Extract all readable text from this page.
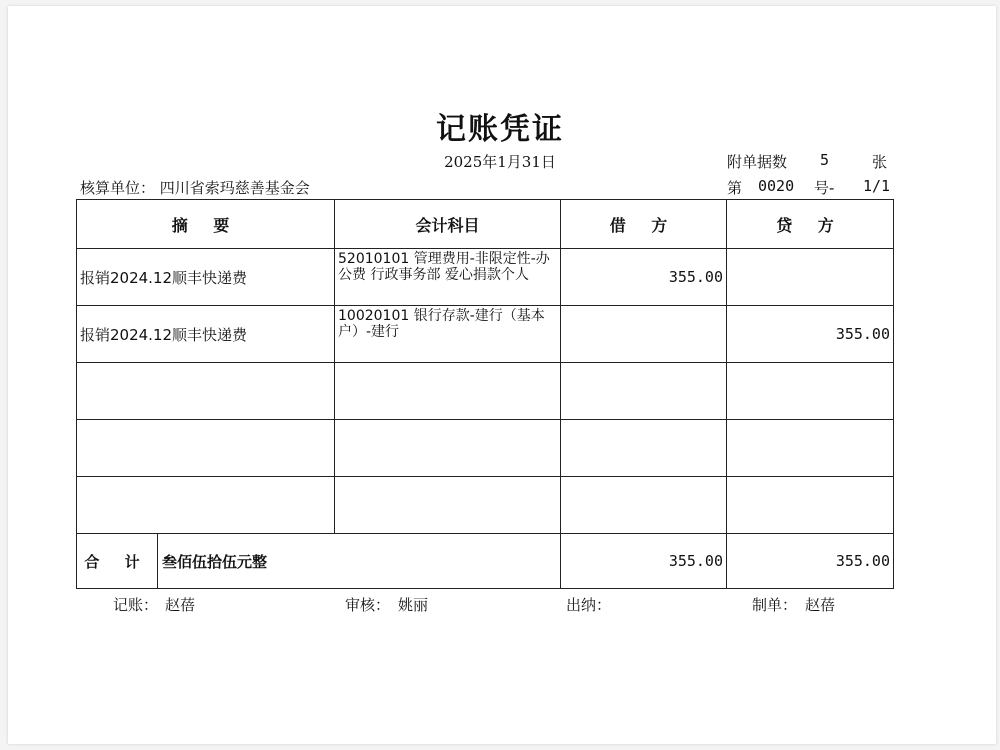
记账凭证
2025年1月31日
核算单位： 四川省索玛慈善基金会
附单据数 5	张
第 0020 号- 1/1
摘 要	会计科目	借 方	贷 方
报销2024.12顺丰快递费	52010101 管理费用-非限定性-办公费 行政事务部 爱心捐款个人	355.00	
报销2024.12顺丰快递费	10020101 银行存款-建行（基本户）-建行		355.00

合 计 叁佰伍拾伍元整		355.00	355.00
记账： 赵蓓	审核： 姚丽	出纳：	制单： 赵蓓
